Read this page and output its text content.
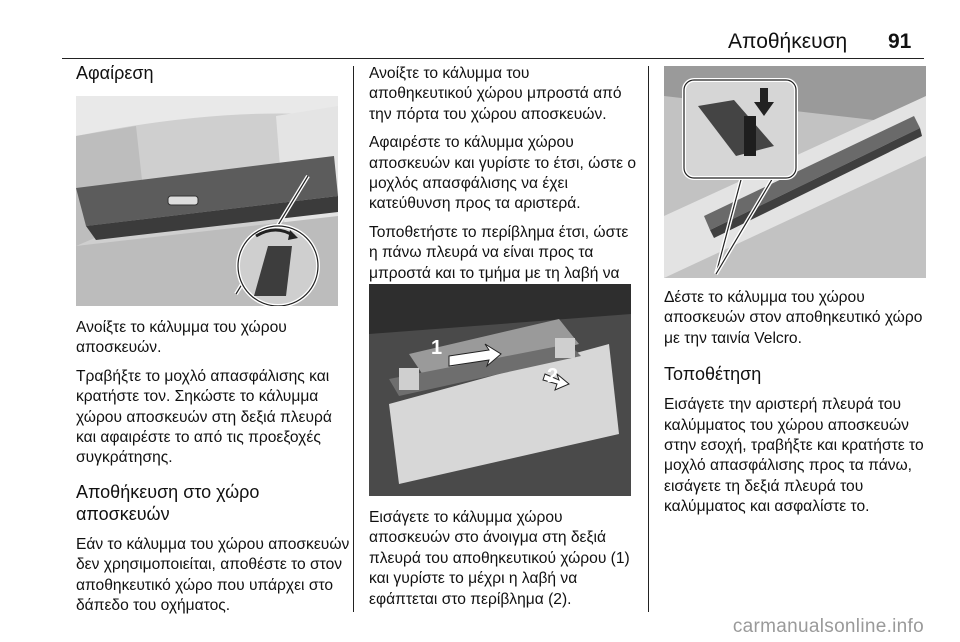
Αποθήκευση 91
Αφαίρεση

Ανοίξτε το κάλυμμα του χώρου αποσκευών.

Τραβήξτε το μοχλό απασφάλισης και κρατήστε τον. Σηκώστε το κάλυμμα χώρου αποσκευών στη δεξιά πλευρά και αφαιρέστε το από τις προεξοχές συγκράτησης.

Αποθήκευση στο χώρο αποσκευών

Εάν το κάλυμμα του χώρου αποσκευών δεν χρησιμοποιείται, αποθέστε το στον αποθηκευτικό χώρο που υπάρχει στο δάπεδο του οχήματος.

Ανοίξτε το κάλυμμα του αποθηκευτικού χώρου μπροστά από την πόρτα του χώρου αποσκευών.

Αφαιρέστε το κάλυμμα χώρου αποσκευών και γυρίστε το έτσι, ώστε ο μοχλός απασφάλισης να έχει κατεύθυνση προς τα αριστερά.

Τοποθετήστε το περίβλημα έτσι, ώστε η πάνω πλευρά να είναι προς τα μπροστά και το τμήμα με τη λαβή να

1
2

Εισάγετε το κάλυμμα χώρου αποσκευών στο άνοιγμα στη δεξιά πλευρά του αποθηκευτικού χώρου (1) και γυρίστε το μέχρι η λαβή να εφάπτεται στο περίβλημα (2).

Δέστε το κάλυμμα του χώρου αποσκευών στον αποθηκευτικό χώρο με την ταινία Velcro.

Τοποθέτηση

Εισάγετε την αριστερή πλευρά του καλύμματος του χώρου αποσκευών στην εσοχή, τραβήξτε και κρατήστε το μοχλό απασφάλισης προς τα πάνω, εισάγετε τη δεξιά πλευρά του καλύμματος και ασφαλίστε το.

carmanualsonline.info
